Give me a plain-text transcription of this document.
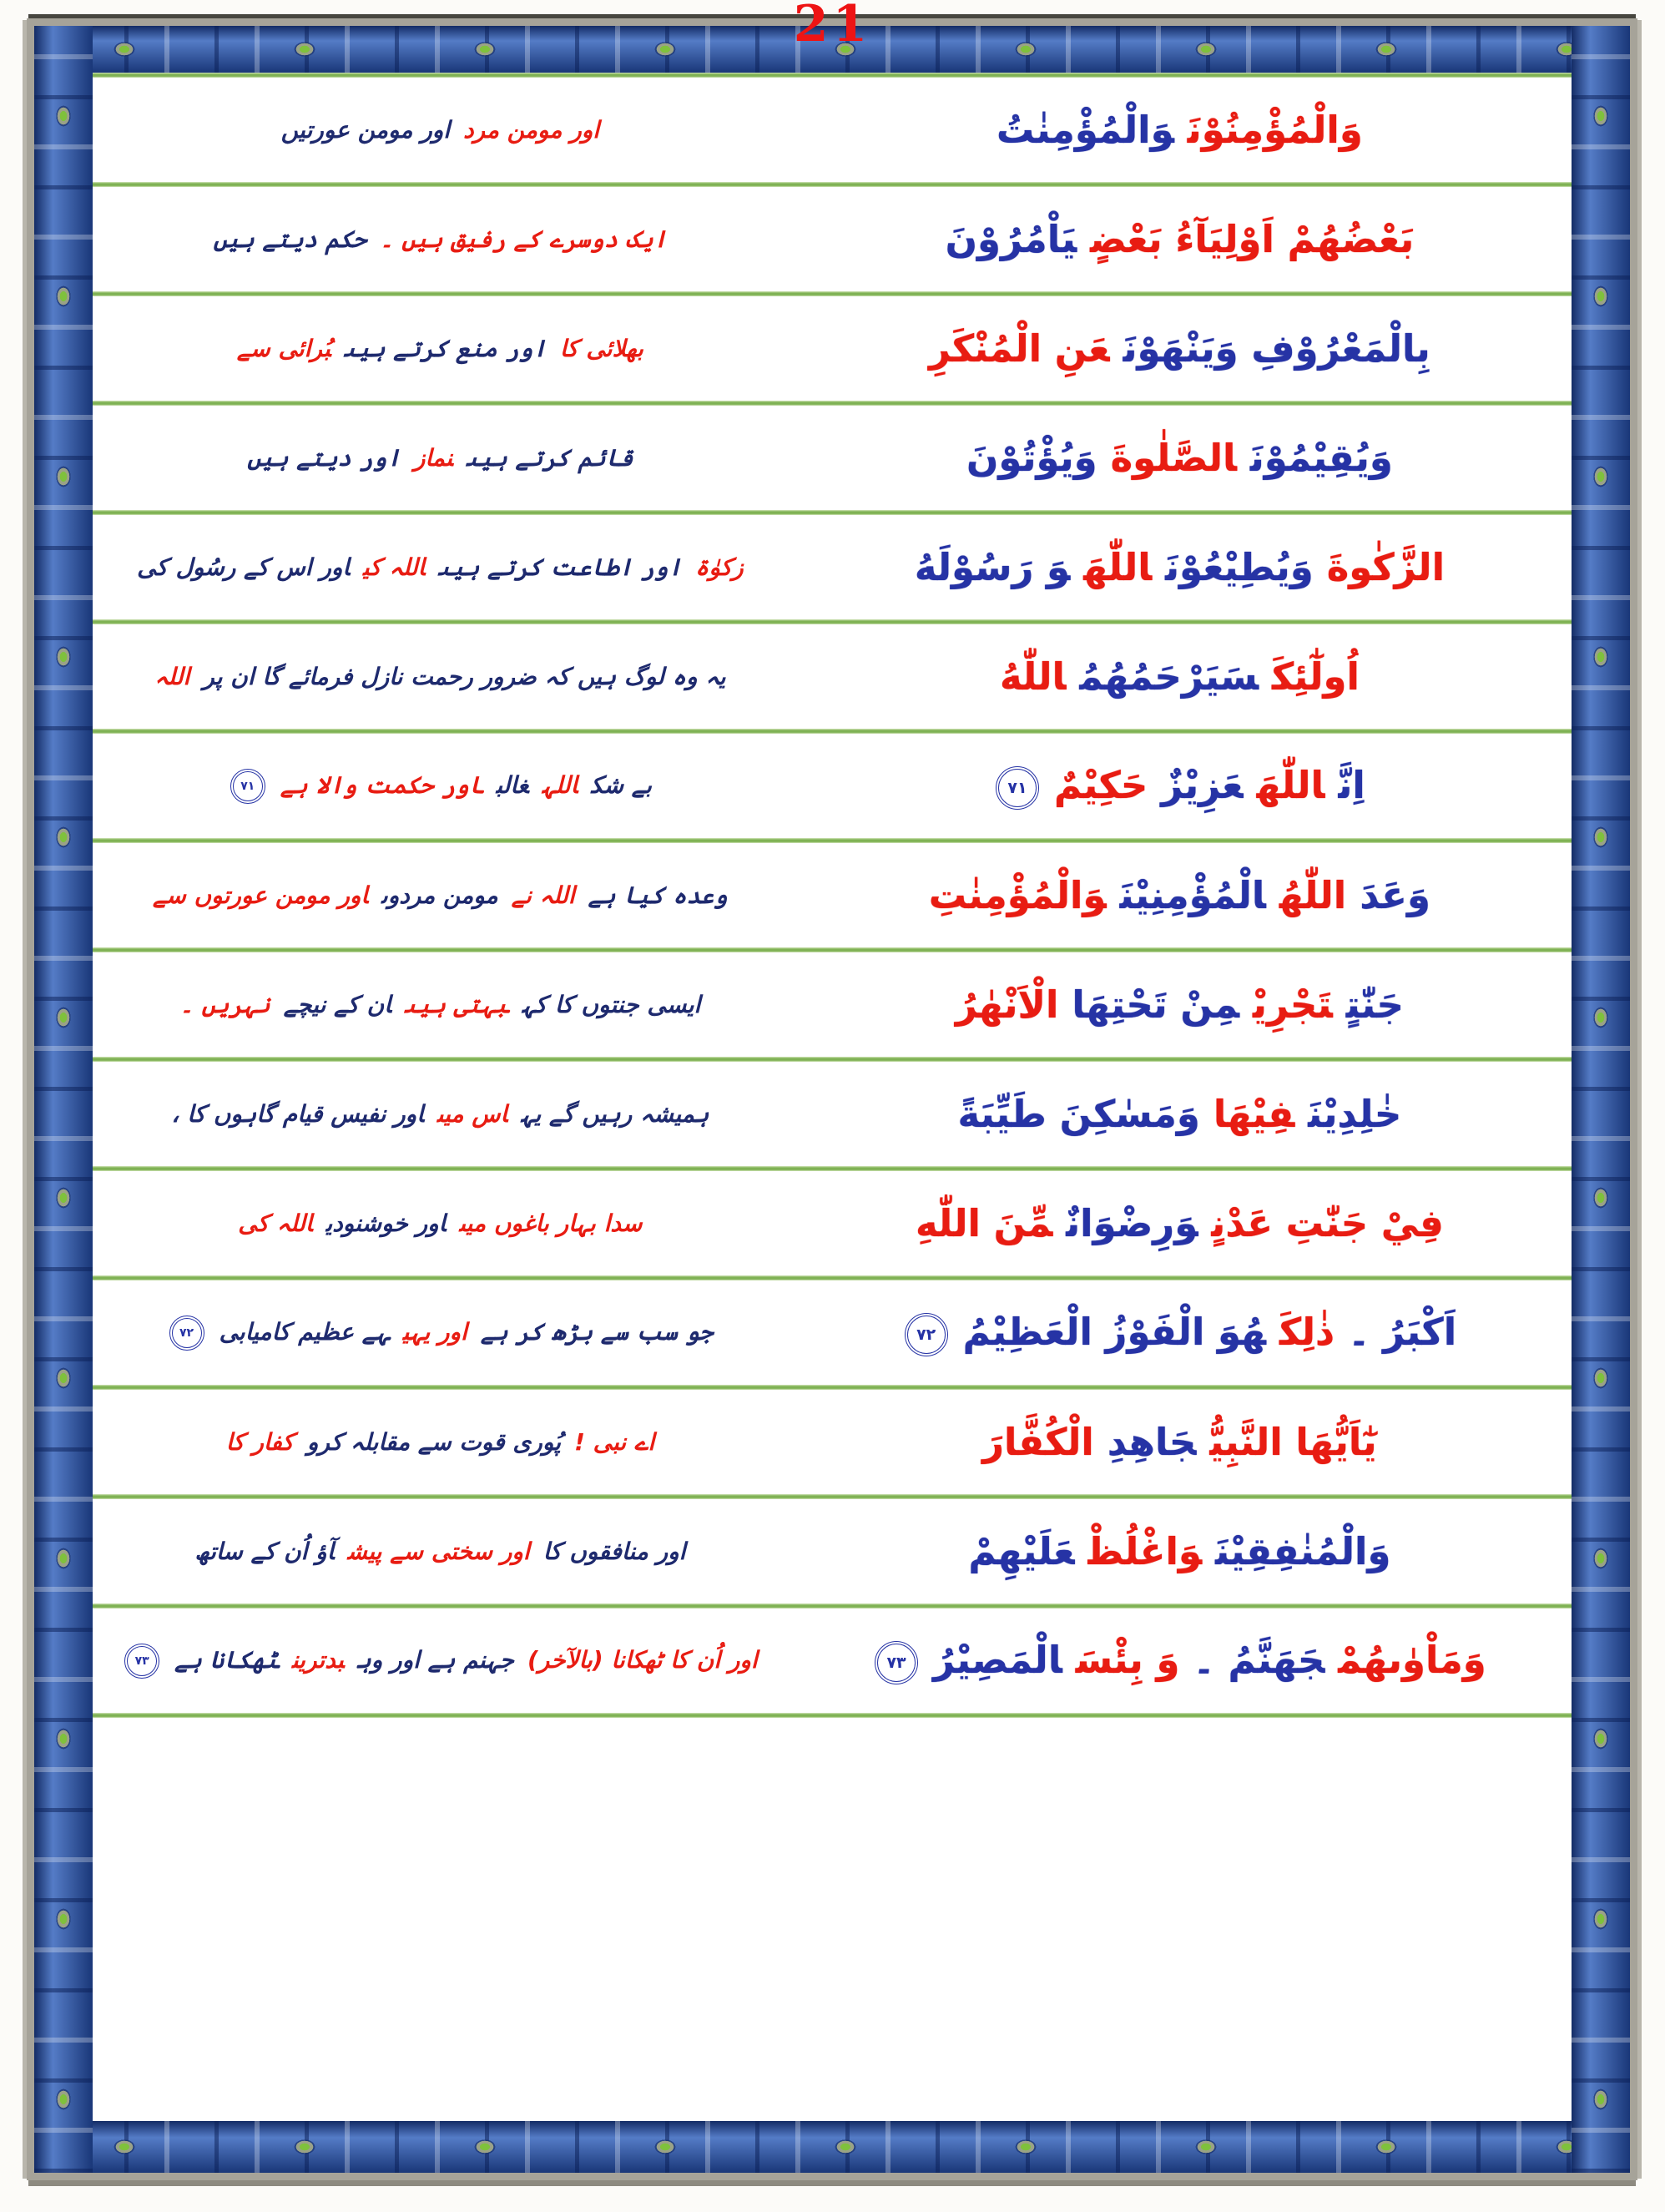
21
اور مومن مرداور مومن عورتیں	وَالْمُؤْمِنُوْنَوَالْمُؤْمِنٰتُ
ایک دوسرے کے رفیق ہیں ۔حکم دیتے ہیں	بَعْضُهُمْ اَوْلِيَآءُ بَعْضٍيَاْمُرُوْنَ
بھلائی کااور منع کرتے ہیںبُرائی سے	بِالْمَعْرُوْفِ وَيَنْهَوْنَعَنِ الْمُنْكَرِ
قائم کرتے ہیںنمازاور دیتے ہیں	وَيُقِيْمُوْنَالصَّلٰوةَوَيُؤْتُوْنَ
زکوٰۃاور اطاعت کرتے ہیںاللہ کیاور اس کے رسُول کی	الزَّكٰوةَوَيُطِيْعُوْنَاللّٰهَوَ رَسُوْلَهُ
یہ وہ لوگ ہیں کہ ضرور رحمت نازل فرمائے گا ان پراللہ	اُولٰٓئِكَسَيَرْحَمُهُمُاللّٰهُ
بے شکاللہغالباور حکمت والا ہے۷۱	اِنَّاللّٰهَعَزِيْزٌحَكِيْمٌ۷۱
وعدہ کیا ہےاللہ نےمومن مردوںاور مومن عورتوں سے	وَعَدَاللّٰهُالْمُؤْمِنِيْنَوَالْمُؤْمِنٰتِ
ایسی جنتوں کا کہبہتی ہیںان کے نیچےنہریں ۔	جَنّٰتٍتَجْرِيْمِنْ تَحْتِهَاالْاَنْهٰرُ
ہمیشہ رہیں گے یہاس میںاور نفیس قیام گاہوں کا ،	خٰلِدِيْنَفِيْهَاوَمَسٰكِنَ طَيِّبَةً
سدا بہار باغوں میںاور خوشنودیاللہ کی	فِيْ جَنّٰتِ عَدْنٍوَرِضْوَانٌمِّنَ اللّٰهِ
جو سب سے بڑھ کر ہےاور یہیہے عظیم کامیابی۷۲	اَكْبَرُ ۔ذٰلِكَهُوَ الْفَوْزُ الْعَظِيْمُ۷۲
اے نبی !پُوری قوت سے مقابلہ کروکفار کا	يٰٓاَيُّهَا النَّبِيُّجَاهِدِالْكُفَّارَ
اور منافقوں کااور سختی سے پیشآؤ اُن کے ساتھ	وَالْمُنٰفِقِيْنَوَاغْلُظْعَلَيْهِمْ
اور اُن کا ٹھکانا (بالآخر)جہنم ہے اور وہبدترینٹھکانا ہے۷۳	وَمَاْوٰىهُمْجَهَنَّمُ ۔وَ بِئْسَالْمَصِيْرُ۷۳
